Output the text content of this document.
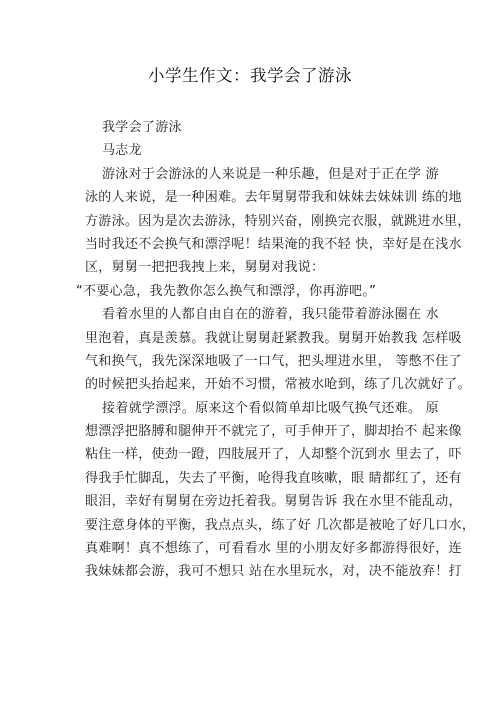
小学生作文：我学会了游泳
我学会了游泳
马志龙
游泳对于会游泳的人来说是一种乐趣，但是对于正在学 游
泳的人来说，是一种困难。去年舅舅带我和妹妹去妹妹训 练的地
方游泳。因为是次去游泳，特别兴奋，刚换完衣服，就跳进水里，
当时我还不会换气和漂浮呢！结果淹的我不轻 快，幸好是在浅水
区，舅舅一把把我拽上来，舅舅对我说：
“不要心急，我先教你怎么换气和漂浮，你再游吧。”
看着水里的人都自由自在的游着，我只能带着游泳圈在 水
里泡着，真是羡慕。我就让舅舅赶紧教我。舅舅开始教我 怎样吸
气和换气，我先深深地吸了一口气，把头埋进水里， 等憋不住了
的时候把头抬起来，开始不习惯，常被水呛到，练了几次就好了。
接着就学漂浮。原来这个看似简单却比吸气换气还难。 原
想漂浮把胳膊和腿伸开不就完了，可手伸开了，脚却抬不 起来像
粘住一样，使劲一蹬，四肢展开了，人却整个沉到水 里去了，吓
得我手忙脚乱，失去了平衡，呛得我直咳嗽，眼 睛都红了，还有
眼泪，幸好有舅舅在旁边托着我。舅舅告诉 我在水里不能乱动，
要注意身体的平衡，我点点头，练了好 几次都是被呛了好几口水，
真难啊！真不想练了，可看看水 里的小朋友好多都游得很好，连
我妹妹都会游，我可不想只 站在水里玩水，对，决不能放弃！打
